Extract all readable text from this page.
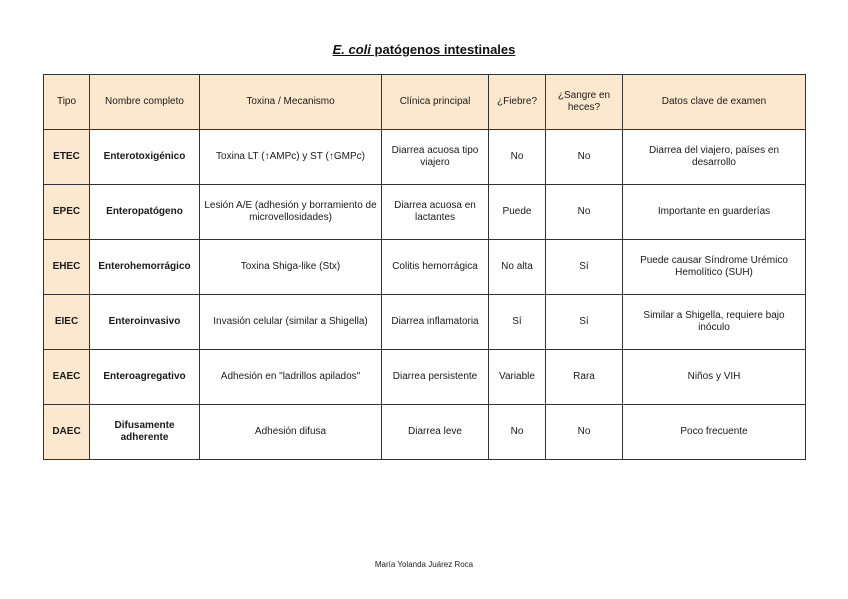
E. coli patógenos intestinales
Tipo	Nombre completo	Toxina / Mecanismo	Clínica principal	¿Fiebre?	¿Sangre en heces?	Datos clave de examen
ETEC	Enterotoxigénico	Toxina LT (↑AMPc) y ST (↑GMPc)	Diarrea acuosa tipo viajero	No	No	Diarrea del viajero, países en desarrollo
EPEC	Enteropatógeno	Lesión A/E (adhesión y borramiento de microvellosidades)	Diarrea acuosa en lactantes	Puede	No	Importante en guarderías
EHEC	Enterohemorrágico	Toxina Shiga-like (Stx)	Colitis hemorrágica	No alta	Sí	Puede causar Síndrome Urémico Hemolítico (SUH)
EIEC	Enteroinvasivo	Invasión celular (similar a Shigella)	Diarrea inflamatoria	Sí	Sí	Similar a Shigella, requiere bajo inóculo
EAEC	Enteroagregativo	Adhesión en "ladrillos apilados"	Diarrea persistente	Variable	Rara	Niños y VIH
DAEC	Difusamente adherente	Adhesión difusa	Diarrea leve	No	No	Poco frecuente
María Yolanda Juárez Roca
